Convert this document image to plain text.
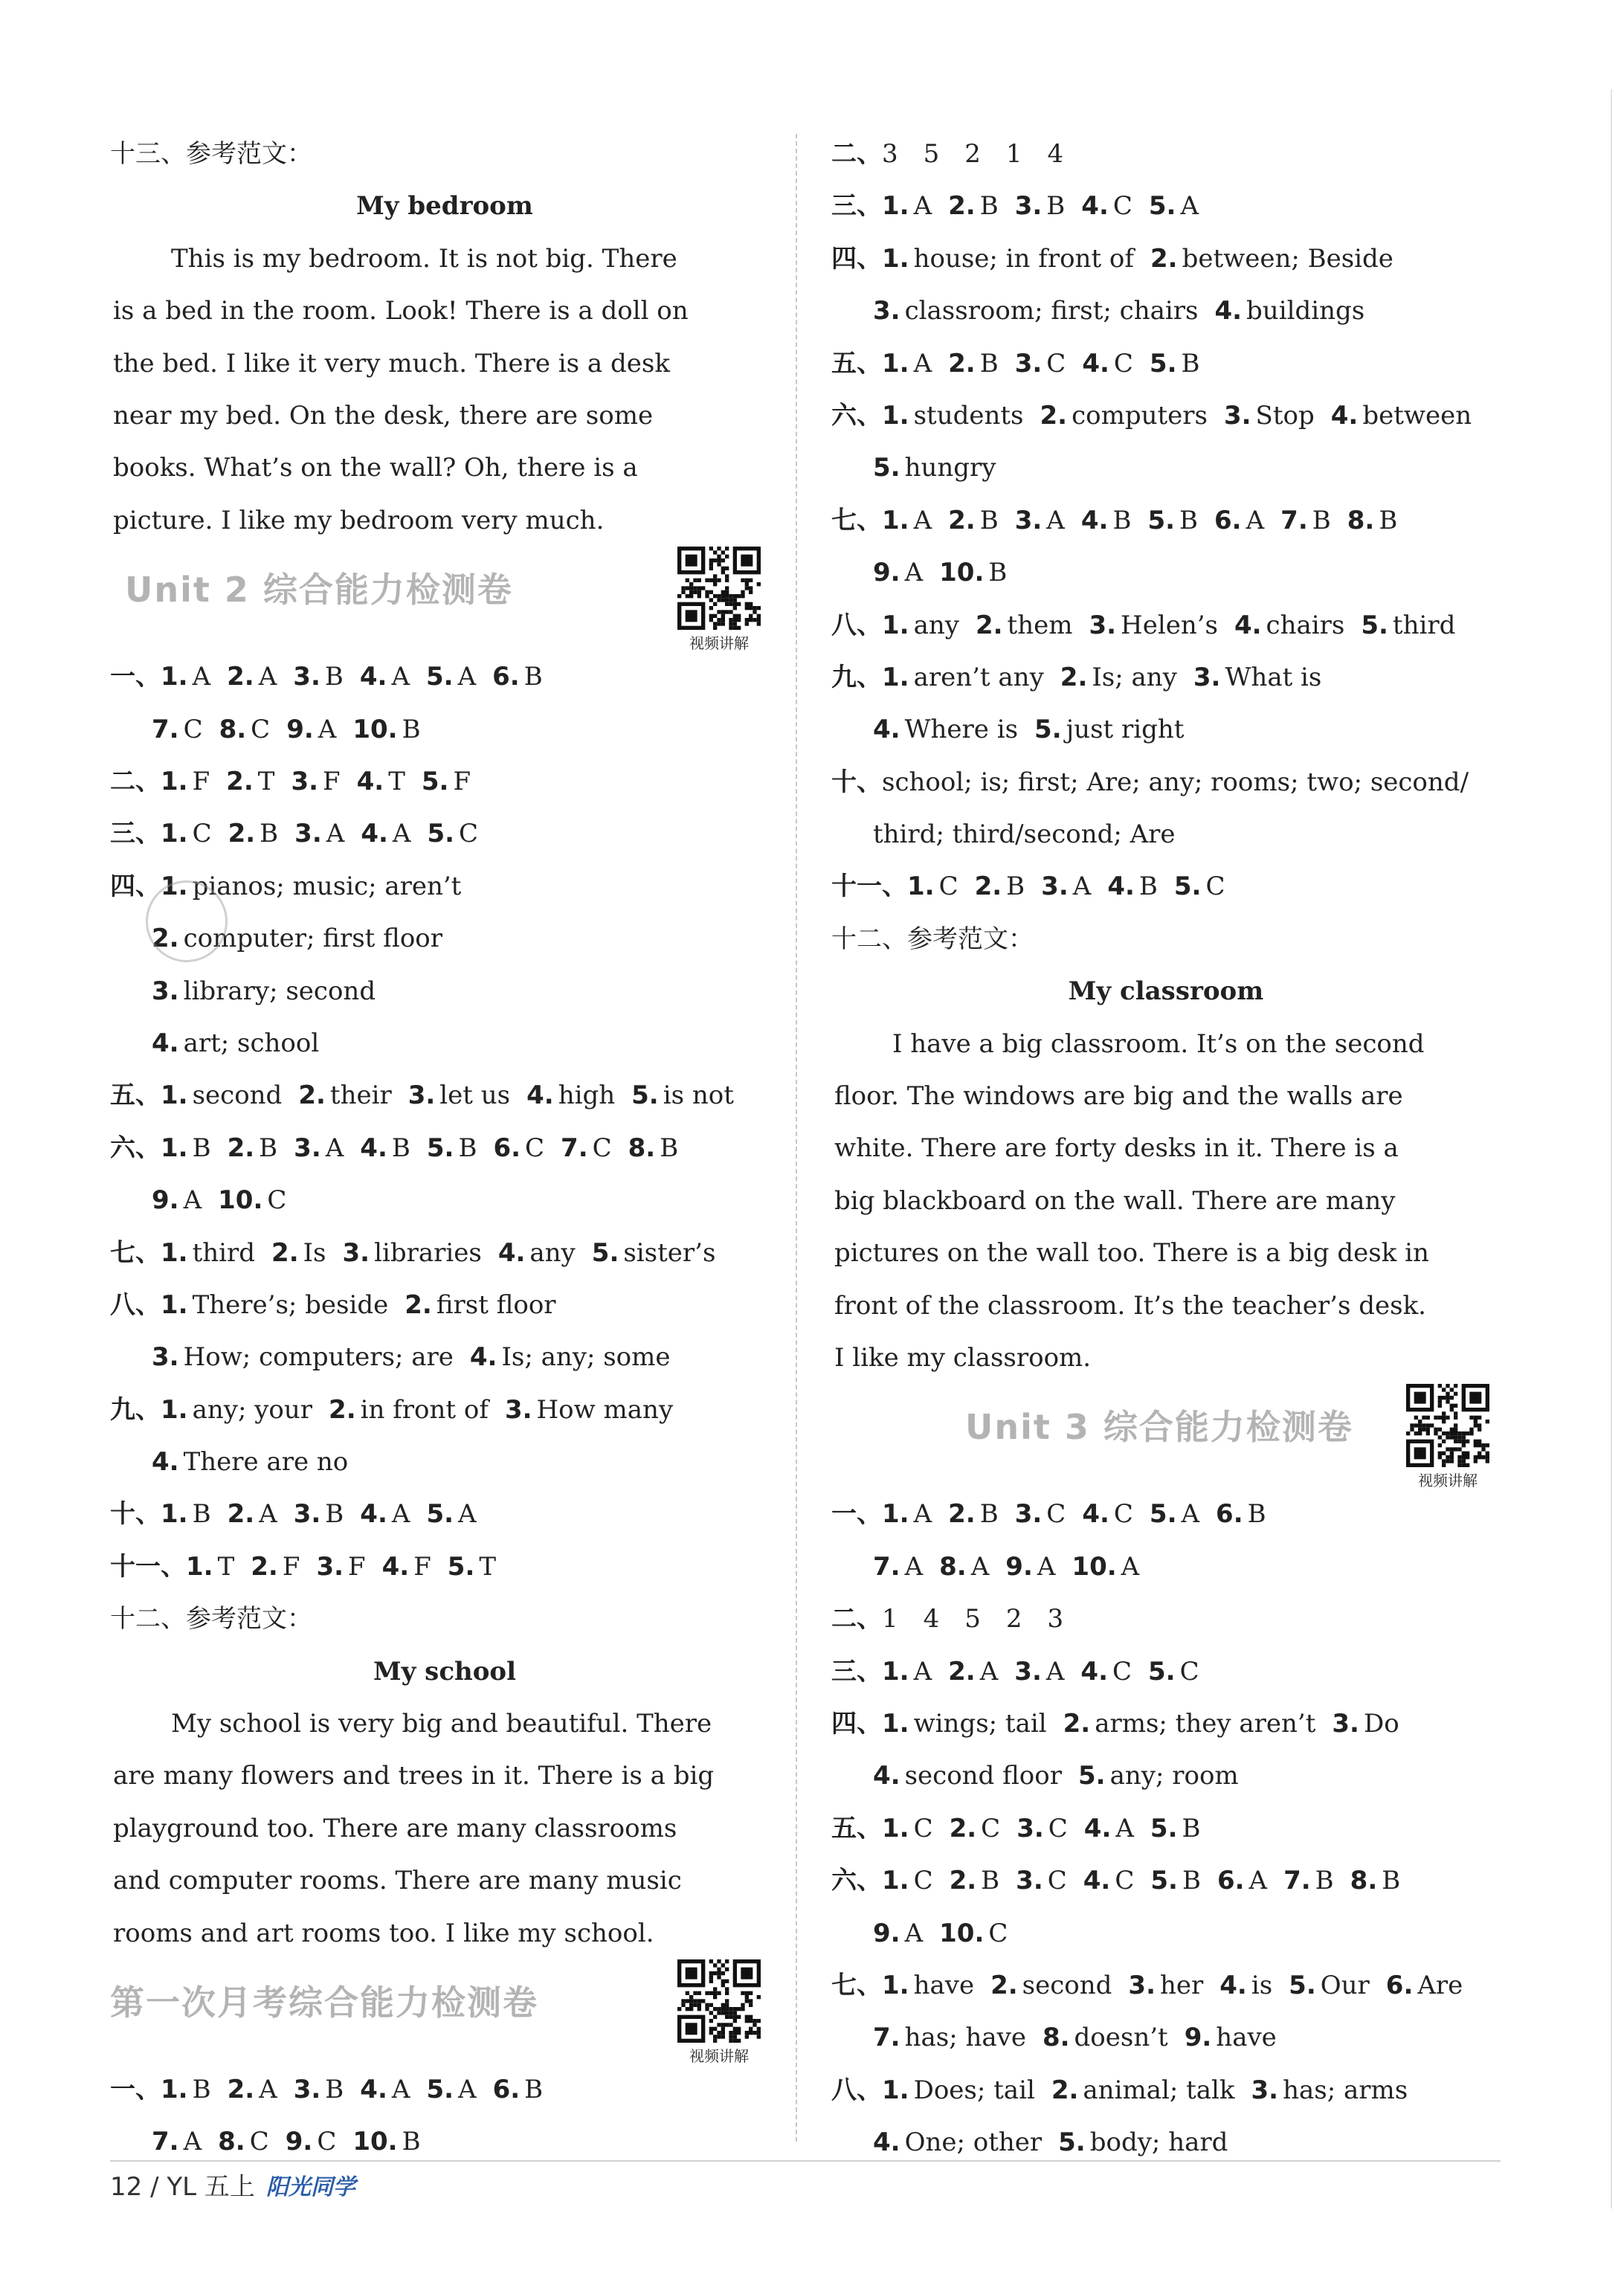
十三、参考范文：
My bedroom
This is my bedroom. It is not big. There
is a bed in the room. Look! There is a doll on
the bed. I like it very much. There is a desk
near my bed. On the desk, there are some
books. What’s on the wall? Oh, there is a
picture. I like my bedroom very much.
Unit 2 综合能力检测卷
视频讲解
一、1. A 2. A 3. B 4. A 5. A 6. B
7. C 8. C 9. A 10. B
二、1. F 2. T 3. F 4. T 5. F
三、1. C 2. B 3. A 4. A 5. C
四、1. pianos; music; aren’t
2. computer; first floor
3. library; second
4. art; school
五、1. second 2. their 3. let us 4. high 5. is not
六、1. B 2. B 3. A 4. B 5. B 6. C 7. C 8. B
9. A 10. C
七、1. third 2. Is 3. libraries 4. any 5. sister’s
八、1. There’s; beside 2. first floor
3. How; computers; are 4. Is; any; some
九、1. any; your 2. in front of 3. How many
4. There are no
十、1. B 2. A 3. B 4. A 5. A
十一、1. T 2. F 3. F 4. F 5. T
十二、参考范文：
My school
My school is very big and beautiful. There
are many flowers and trees in it. There is a big
playground too. There are many classrooms
and computer rooms. There are many music
rooms and art rooms too. I like my school.
第一次月考综合能力检测卷
视频讲解
一、1. B 2. A 3. B 4. A 5. A 6. B
7. A 8. C 9. C 10. B
二、3　5　2　1　4
三、1. A 2. B 3. B 4. C 5. A
四、1. house; in front of 2. between; Beside
3. classroom; first; chairs 4. buildings
五、1. A 2. B 3. C 4. C 5. B
六、1. students 2. computers 3. Stop 4. between
5. hungry
七、1. A 2. B 3. A 4. B 5. B 6. A 7. B 8. B
9. A 10. B
八、1. any 2. them 3. Helen’s 4. chairs 5. third
九、1. aren’t any 2. Is; any 3. What is
4. Where is 5. just right
十、school; is; first; Are; any; rooms; two; second/
third; third/second; Are
十一、1. C 2. B 3. A 4. B 5. C
十二、参考范文：
My classroom
I have a big classroom. It’s on the second
floor. The windows are big and the walls are
white. There are forty desks in it. There is a
big blackboard on the wall. There are many
pictures on the wall too. There is a big desk in
front of the classroom. It’s the teacher’s desk.
I like my classroom.
Unit 3 综合能力检测卷
视频讲解
一、1. A 2. B 3. C 4. C 5. A 6. B
7. A 8. A 9. A 10. A
二、1　4　5　2　3
三、1. A 2. A 3. A 4. C 5. C
四、1. wings; tail 2. arms; they aren’t 3. Do
4. second floor 5. any; room
五、1. C 2. C 3. C 4. A 5. B
六、1. C 2. B 3. C 4. C 5. B 6. A 7. B 8. B
9. A 10. C
七、1. have 2. second 3. her 4. is 5. Our 6. Are
7. has; have 8. doesn’t 9. have
八、1. Does; tail 2. animal; talk 3. has; arms
4. One; other 5. body; hard
12 / YL 五上 阳光同学
